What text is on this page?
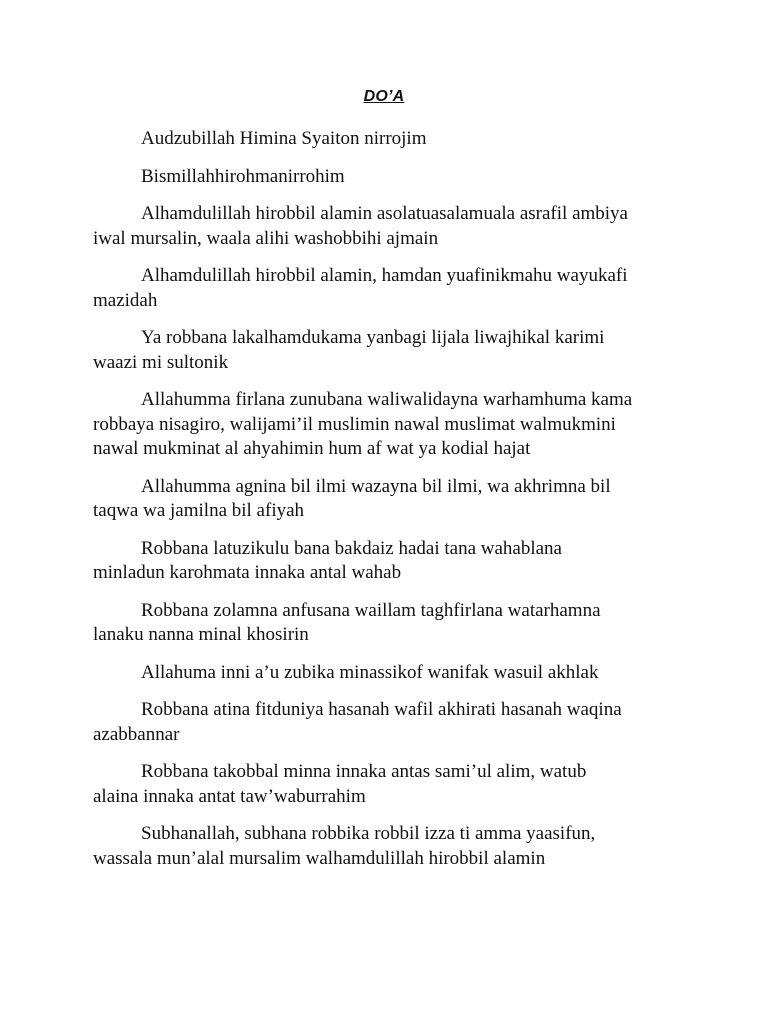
DO’A

Audzubillah Himina Syaiton nirrojim

Bismillahhirohmanirrohim

Alhamdulillah hirobbil alamin asolatuasalamuala asrafil ambiya
iwal mursalin, waala alihi washobbihi ajmain

Alhamdulillah hirobbil alamin, hamdan yuafinikmahu wayukafi
mazidah

Ya robbana lakalhamdukama yanbagi lijala liwajhikal karimi
waazi mi sultonik

Allahumma firlana zunubana waliwalidayna warhamhuma kama
robbaya nisagiro, walijami’il muslimin nawal muslimat walmukmini
nawal mukminat al ahyahimin hum af wat ya kodial hajat

Allahumma agnina bil ilmi wazayna bil ilmi, wa akhrimna bil
taqwa wa jamilna bil afiyah

Robbana latuzikulu bana bakdaiz hadai tana wahablana
minladun karohmata innaka antal wahab

Robbana zolamna anfusana waillam taghfirlana watarhamna
lanaku nanna minal khosirin

Allahuma inni a’u zubika minassikof wanifak wasuil akhlak

Robbana atina fitduniya hasanah wafil akhirati hasanah waqina
azabbannar

Robbana takobbal minna innaka antas sami’ul alim, watub
alaina innaka antat taw’waburrahim

Subhanallah, subhana robbika robbil izza ti amma yaasifun,
wassala mun’alal mursalim walhamdulillah hirobbil alamin
